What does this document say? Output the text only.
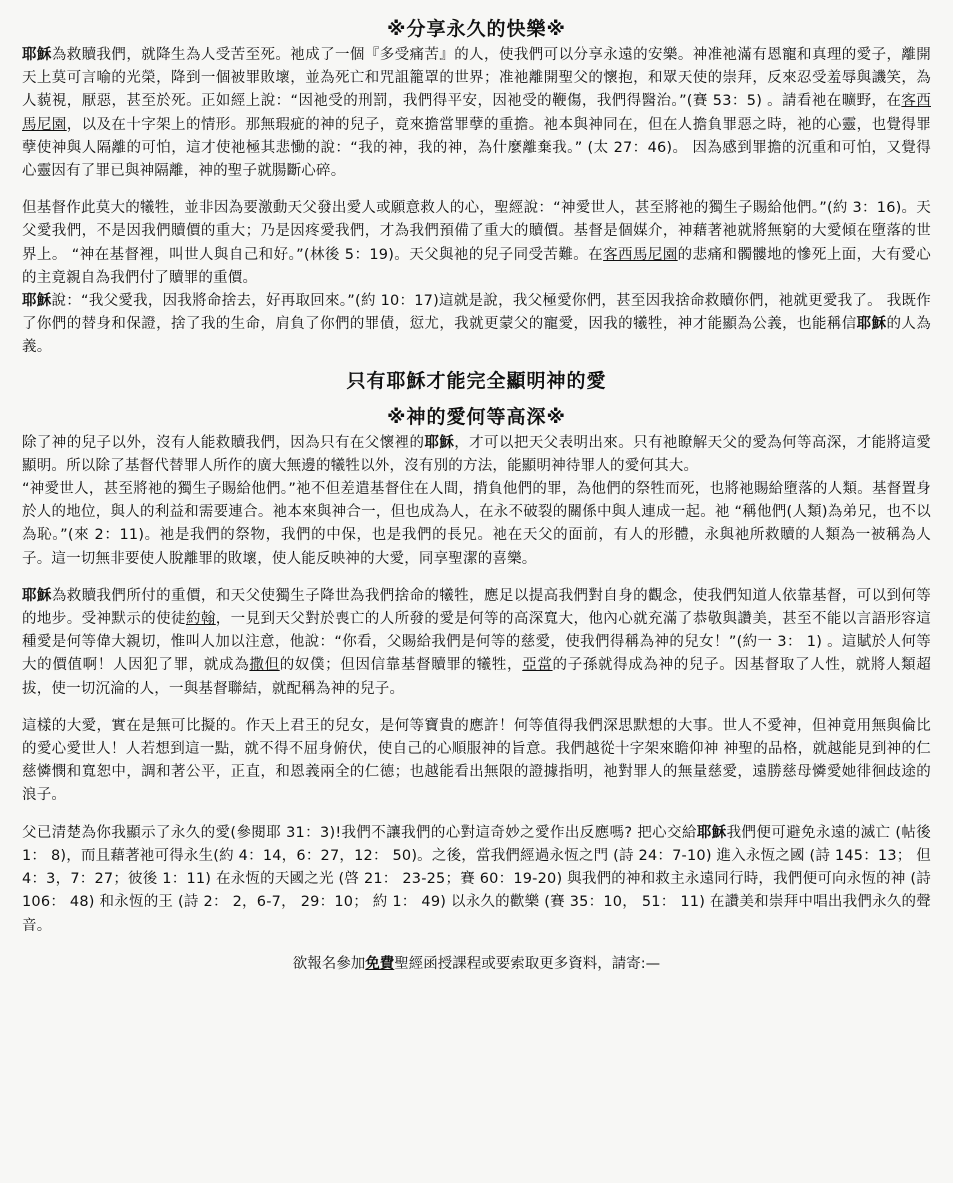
※分享永久的快樂※

耶穌為救贖我們，就降生為人受苦至死。祂成了一個『多受痛苦』的人，使我們可以分享永遠的安樂。神准祂滿有恩寵和真理的愛子，離開天上莫可言喻的光榮，降到一個被罪敗壞，並為死亡和咒詛籠罩的世界；准祂離開聖父的懷抱，和眾天使的崇拜，反來忍受羞辱與譏笑，為人藐視，厭惡，甚至於死。正如經上說：“因祂受的刑罰，我們得平安，因祂受的鞭傷，我們得醫治。”(賽 53：5) 。請看祂在曠野，在客西馬尼園，以及在十字架上的情形。那無瑕疵的神的兒子，竟來擔當罪孽的重擔。祂本與神同在，但在人擔負罪惡之時，祂的心靈，也覺得罪孽使神與人隔離的可怕，這才使祂極其悲慟的說：“我的神，我的神，為什麼離棄我。” (太 27：46)。 因為感到罪擔的沉重和可怕，又覺得心靈因有了罪已與神隔離，神的聖子就腸斷心碎。

但基督作此莫大的犧牲，並非因為要激動天父發出愛人或願意救人的心，聖經說：“神愛世人，甚至將祂的獨生子賜給他們。”(約 3：16)。天父愛我們，不是因我們贖價的重大；乃是因疼愛我們，才為我們預備了重大的贖價。基督是個媒介，神藉著祂就將無窮的大愛傾在墮落的世界上。 “神在基督裡，叫世人與自己和好。”(林後 5：19)。天父與祂的兒子同受苦難。在客西馬尼園的悲痛和髑髏地的慘死上面，大有愛心的主竟親自為我們付了贖罪的重價。

耶穌說：“我父愛我，因我將命捨去，好再取回來。”(約 10：17)這就是說，我父極愛你們，甚至因我捨命救贖你們，祂就更愛我了。 我既作了你們的替身和保證，捨了我的生命，肩負了你們的罪債，愆尤，我就更蒙父的寵愛，因我的犧牲，神才能顯為公義，也能稱信耶穌的人為義。

只有耶穌才能完全顯明神的愛
※神的愛何等高深※

除了神的兒子以外，沒有人能救贖我們，因為只有在父懷裡的耶穌，才可以把天父表明出來。只有祂瞭解天父的愛為何等高深，才能將這愛顯明。所以除了基督代替罪人所作的廣大無邊的犧牲以外，沒有別的方法，能顯明神待罪人的愛何其大。

“神愛世人，甚至將祂的獨生子賜給他們。”祂不但差遣基督住在人間，揹負他們的罪，為他們的祭牲而死，也將祂賜給墮落的人類。基督置身於人的地位，與人的利益和需要連合。祂本來與神合一，但也成為人，在永不破裂的關係中與人連成一起。祂 “稱他們(人類)為弟兄，也不以為恥。”(來 2：11)。祂是我們的祭物，我們的中保，也是我們的長兄。祂在天父的面前，有人的形體，永與祂所救贖的人類為一被稱為人子。這一切無非要使人脫離罪的敗壞，使人能反映神的大愛，同享聖潔的喜樂。

耶穌為救贖我們所付的重價，和天父使獨生子降世為我們捨命的犧牲，應足以提高我們對自身的觀念，使我們知道人依靠基督，可以到何等的地步。受神默示的使徒約翰，一見到天父對於喪亡的人所發的愛是何等的高深寬大，他內心就充滿了恭敬與讚美，甚至不能以言語形容這種愛是何等偉大親切，惟叫人加以注意，他說：“你看，父賜給我們是何等的慈愛，使我們得稱為神的兒女！”(約一 3： 1) 。這賦於人何等大的價值啊！人因犯了罪，就成為撒但的奴僕；但因信靠基督贖罪的犧牲，亞當的子孫就得成為神的兒子。因基督取了人性，就將人類超拔，使一切沉淪的人，一與基督聯結，就配稱為神的兒子。

這樣的大愛，實在是無可比擬的。作天上君王的兒女，是何等寶貴的應許！何等值得我們深思默想的大事。世人不愛神，但神竟用無與倫比的愛心愛世人！人若想到這一點，就不得不屈身俯伏，使自己的心順服神的旨意。我們越從十字架來瞻仰神 神聖的品格，就越能見到神的仁慈憐憫和寬恕中，調和著公平，正直，和恩義兩全的仁德；也越能看出無限的證據指明，祂對罪人的無量慈愛，遠勝慈母憐愛她徘徊歧途的浪子。

父已清楚為你我顯示了永久的愛(參閱耶 31：3)!我們不讓我們的心對這奇妙之愛作出反應嗎? 把心交給耶穌我們便可避免永遠的滅亡 (帖後 1： 8)，而且藉著祂可得永生(約 4：14，6：27，12： 50)。之後，當我們經過永恆之門 (詩 24：7-10) 進入永恆之國 (詩 145：13； 但 4：3，7：27；彼後 1：11) 在永恆的天國之光 (啓 21： 23-25；賽 60：19-20) 與我們的神和救主永遠同行時，我們便可向永恆的神 (詩 106： 48) 和永恆的王 (詩 2： 2，6-7， 29：10； 約 1： 49) 以永久的歡樂 (賽 35：10， 51： 11) 在讚美和崇拜中唱出我們永久的聲音。

欲報名參加免費聖經函授課程或要索取更多資料，請寄:—
